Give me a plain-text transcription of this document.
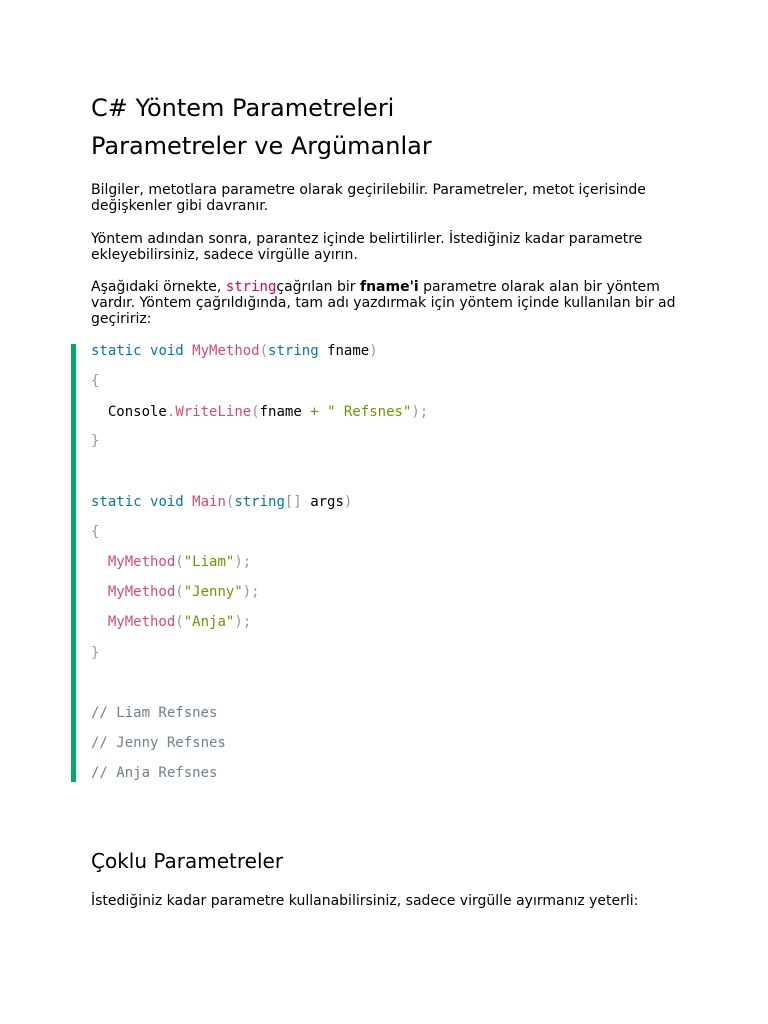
C# Yöntem Parametreleri
Parametreler ve Argümanlar

Bilgiler, metotlara parametre olarak geçirilebilir. Parametreler, metot içerisinde değişkenler gibi davranır.

Yöntem adından sonra, parantez içinde belirtilirler. İstediğiniz kadar parametre ekleyebilirsiniz, sadece virgülle ayırın.

Aşağıdaki örnekte, stringçağrılan bir fname'i parametre olarak alan bir yöntem vardır. Yöntem çağrıldığında, tam adı yazdırmak için yöntem içinde kullanılan bir ad geçiririz:

static void MyMethod(string fname)
{
Console.WriteLine(fname + " Refsnes");
}
static void Main(string[] args)
{
MyMethod("Liam");
MyMethod("Jenny");
MyMethod("Anja");
}
// Liam Refsnes
// Jenny Refsnes
// Anja Refsnes
Çoklu Parametreler

İstediğiniz kadar parametre kullanabilirsiniz, sadece virgülle ayırmanız yeterli:
